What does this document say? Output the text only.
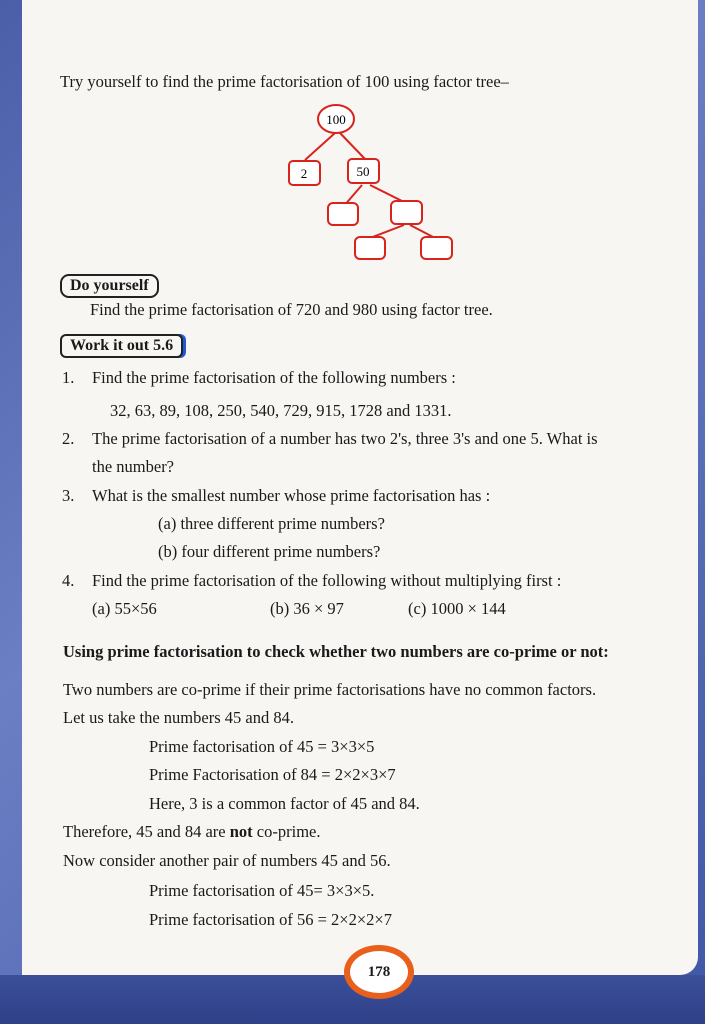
Try yourself to find the prime factorisation of 100 using factor tree–
100
2	50
Do yourself
Find the prime factorisation of 720 and 980 using factor tree.
Work it out 5.6
1. Find the prime factorisation of the following numbers :
32, 63, 89, 108, 250, 540, 729, 915, 1728 and 1331.
2. The prime factorisation of a number has two 2's, three 3's and one 5. What is
the number?
3. What is the smallest number whose prime factorisation has :
(a) three different prime numbers?
(b) four different prime numbers?
4. Find the prime factorisation of the following without multiplying first :
(a) 55×56	(b) 36 × 97	(c) 1000 × 144
Using prime factorisation to check whether two numbers are co-prime or not:
Two numbers are co-prime if their prime factorisations have no common factors.
Let us take the numbers 45 and 84.
Prime factorisation of 45 = 3×3×5
Prime Factorisation of 84 = 2×2×3×7
Here, 3 is a common factor of 45 and 84.
Therefore, 45 and 84 are not co-prime.
Now consider another pair of numbers 45 and 56.
Prime factorisation of 45= 3×3×5.
Prime factorisation of 56 = 2×2×2×7
178
